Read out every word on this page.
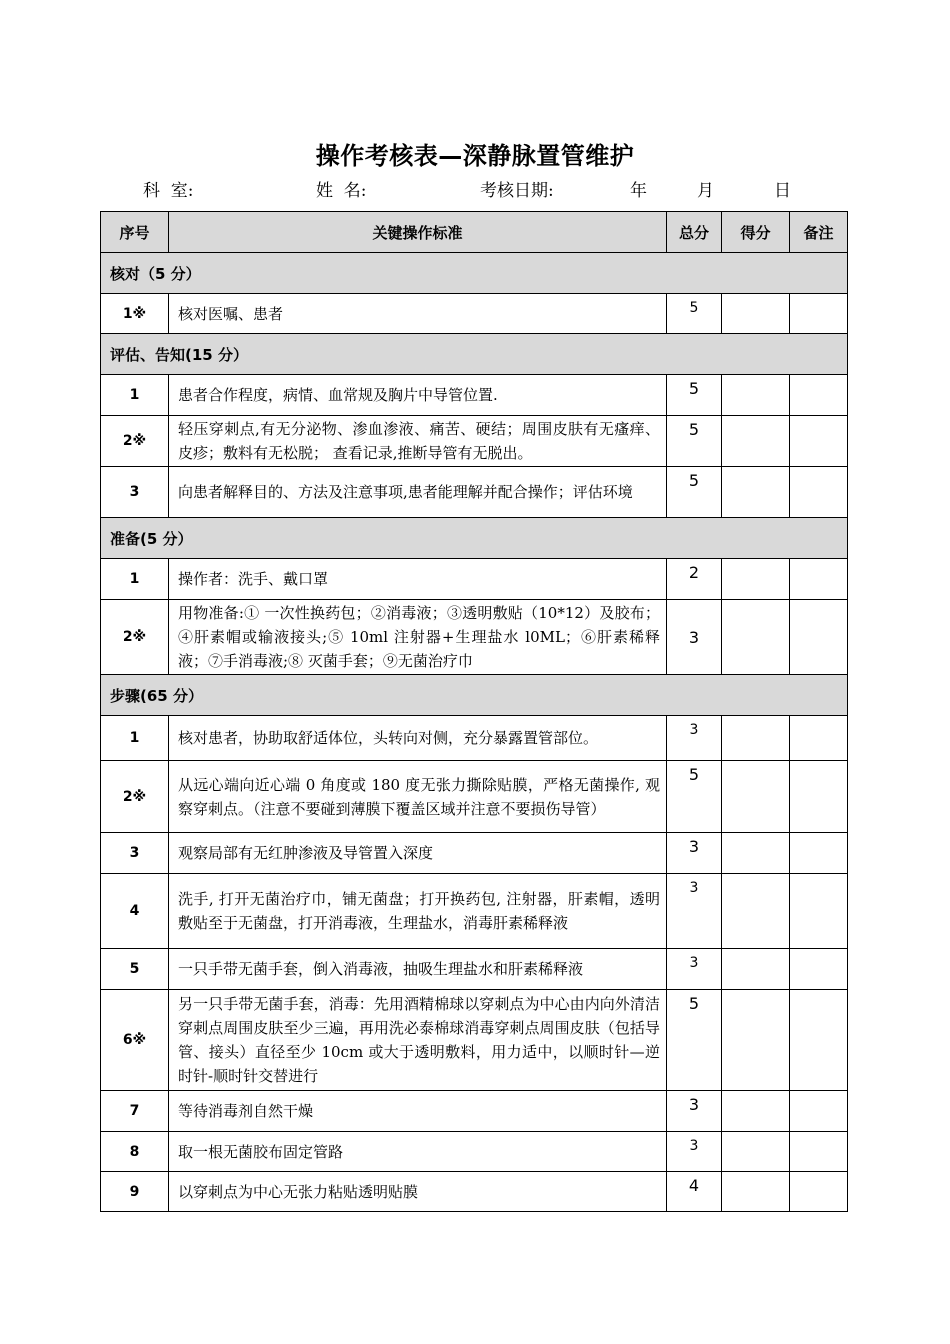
操作考核表—深静脉置管维护
科  室:	姓  名:	考核日期:	年	月	日
序号	关键操作标准	总分	得分	备注
核对（5 分）				
1※	核对医嘱、患者	5		
评估、告知(15 分）				
1	患者合作程度，病情、血常规及胸片中导管位置.	5		
2※	轻压穿刺点,有无分泌物、渗血渗液、痛苦、硬结；周围皮肤有无瘙痒、皮疹；敷料有无松脱； 查看记录,推断导管有无脱出。	5		
3	向患者解释目的、方法及注意事项,患者能理解并配合操作；评估环境	5		
准备(5 分）				
1	操作者：洗手、戴口罩	2		
2※	用物准备:① 一次性换药包；②消毒液；③透明敷贴（10*12）及胶布；④肝素帽或输液接头;⑤ 10ml 注射器+生理盐水 l0ML；⑥肝素稀释液；⑦手消毒液;⑧ 灭菌手套；⑨无菌治疗巾	3		
步骤(65 分）				
1	核对患者，协助取舒适体位，头转向对侧，充分暴露置管部位。	3		
2※	从远心端向近心端 0 角度或 180 度无张力撕除贴膜，严格无菌操作, 观察穿刺点。（注意不要碰到薄膜下覆盖区域并注意不要损伤导管）	5		
3	观察局部有无红肿渗液及导管置入深度	3		
4	洗手, 打开无菌治疗巾，铺无菌盘；打开换药包, 注射器，肝素帽，透明敷贴至于无菌盘，打开消毒液，生理盐水，消毒肝素稀释液	3		
5	一只手带无菌手套，倒入消毒液，抽吸生理盐水和肝素稀释液	3		
6※	另一只手带无菌手套，消毒：先用酒精棉球以穿刺点为中心由内向外清洁穿刺点周围皮肤至少三遍，再用洗必泰棉球消毒穿刺点周围皮肤（包括导管、接头）直径至少 10cm 或大于透明敷料，用力适中，以顺时针—逆时针-顺时针交替进行	5		
7	等待消毒剂自然干燥	3		
8	取一根无菌胶布固定管路	3		
9	以穿刺点为中心无张力粘贴透明贴膜	4		
